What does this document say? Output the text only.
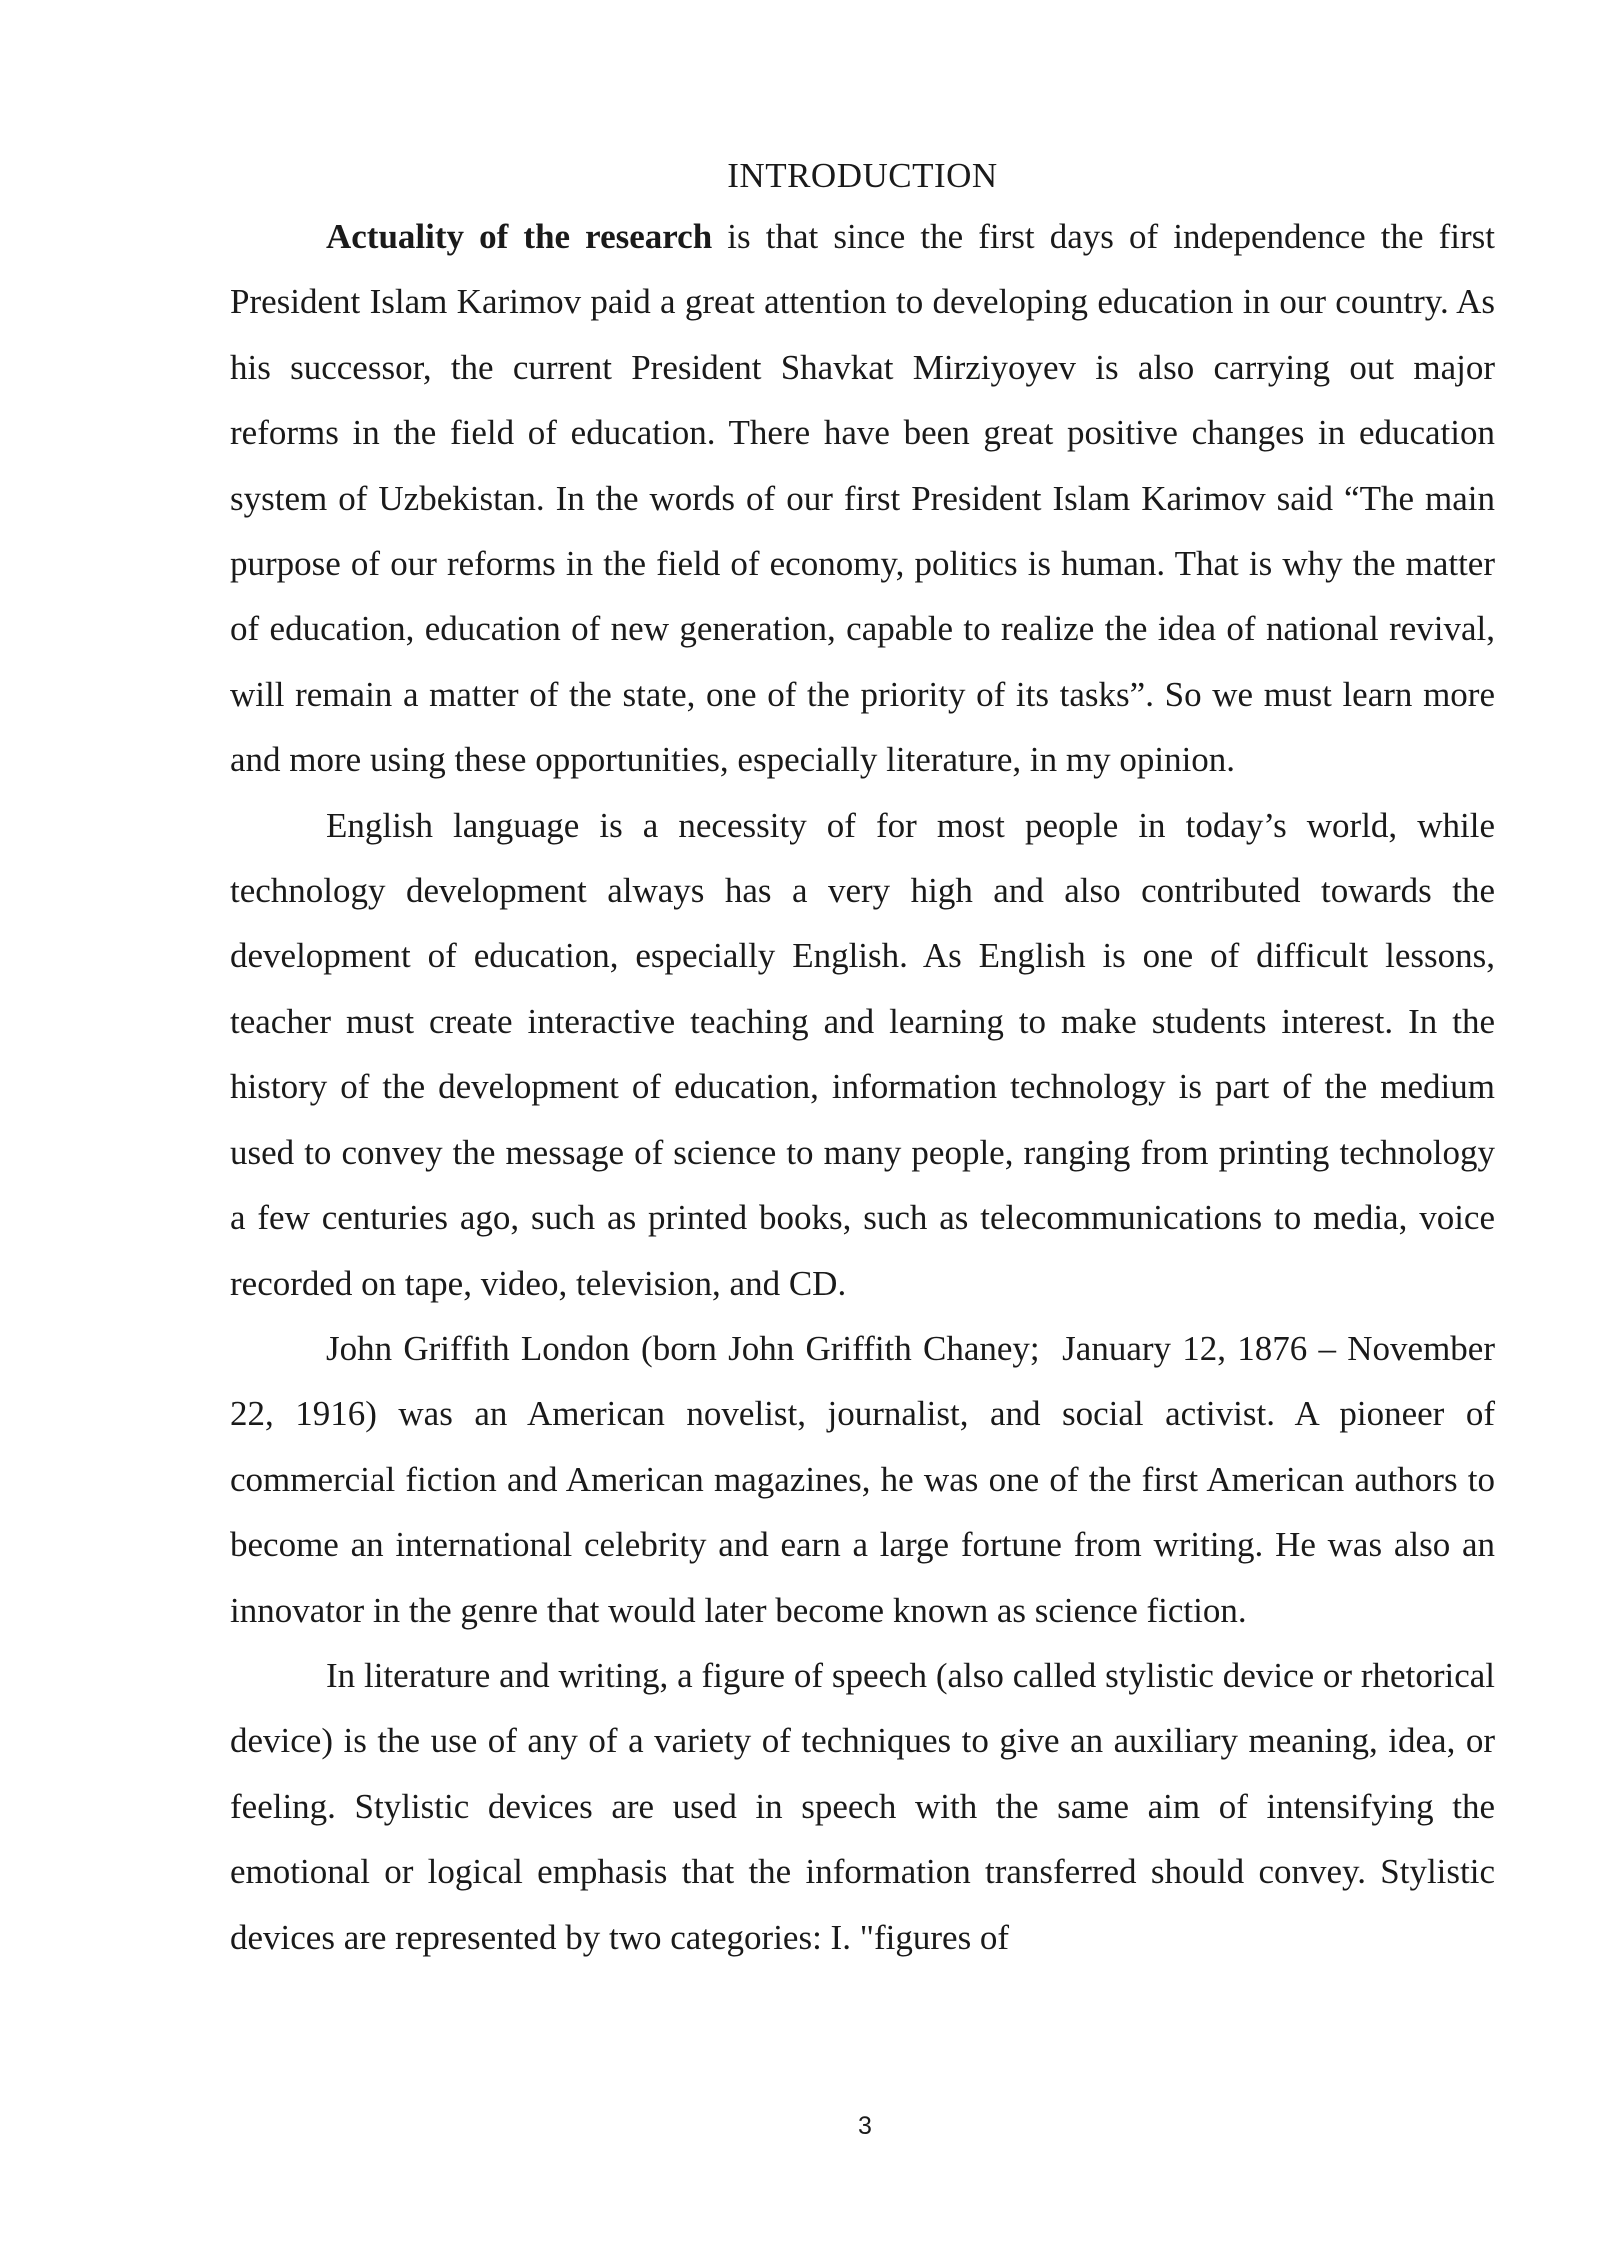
INTRODUCTION

Actuality of the research is that since the first days of independence the first President Islam Karimov paid a great attention to developing education in our country. As his successor, the current President Shavkat Mirziyoyev is also carrying out major reforms in the field of education. There have been great positive changes in education system of Uzbekistan. In the words of our first President Islam Karimov said “The main purpose of our reforms in the field of economy, politics is human. That is why the matter of education, education of new generation, capable to realize the idea of national revival, will remain a matter of the state, one of the priority of its tasks”. So we must learn more and more using these opportunities, especially literature, in my opinion.

English language is a necessity of for most people in today’s world, while technology development always has a very high and also contributed towards the development of education, especially English. As English is one of difficult lessons, teacher must create interactive teaching and learning to make students interest. In the history of the development of education, information technology is part of the medium used to convey the message of science to many people, ranging from printing technology a few centuries ago, such as printed books, such as telecommunications to media, voice recorded on tape, video, television, and CD.

John Griffith London (born John Griffith Chaney;  January 12, 1876 – November 22, 1916) was an American novelist, journalist, and social activist. A pioneer of commercial fiction and American magazines, he was one of the first American authors to become an international celebrity and earn a large fortune from writing. He was also an innovator in the genre that would later become known as science fiction.

In literature and writing, a figure of speech (also called stylistic device or rhetorical device) is the use of any of a variety of techniques to give an auxiliary meaning, idea, or feeling. Stylistic devices are used in speech with the same aim of intensifying the emotional or logical emphasis that the information transferred should convey. Stylistic devices are represented by two categories: I. "figures of

3
